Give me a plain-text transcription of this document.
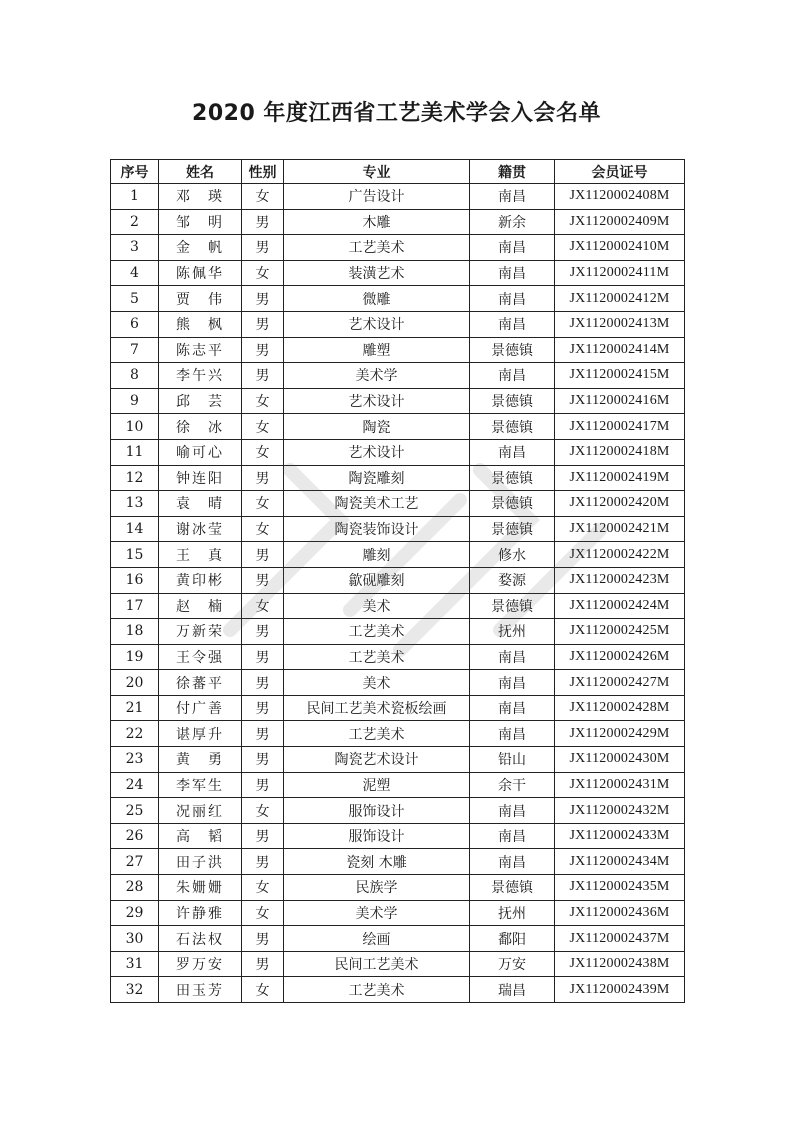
2020 年度江西省工艺美术学会入会名单
序号	姓名	性别	专业	籍贯	会员证号
1	邓　瑛	女	广告设计	南昌	JX1120002408M
2	邹　明	男	木雕	新余	JX1120002409M
3	金　帆	男	工艺美术	南昌	JX1120002410M
4	陈佩华	女	装潢艺术	南昌	JX1120002411M
5	贾　伟	男	微雕	南昌	JX1120002412M
6	熊　枫	男	艺术设计	南昌	JX1120002413M
7	陈志平	男	雕塑	景德镇	JX1120002414M
8	李午兴	男	美术学	南昌	JX1120002415M
9	邱　芸	女	艺术设计	景德镇	JX1120002416M
10	徐　冰	女	陶瓷	景德镇	JX1120002417M
11	喻可心	女	艺术设计	南昌	JX1120002418M
12	钟连阳	男	陶瓷雕刻	景德镇	JX1120002419M
13	袁　晴	女	陶瓷美术工艺	景德镇	JX1120002420M
14	谢冰莹	女	陶瓷装饰设计	景德镇	JX1120002421M
15	王　真	男	雕刻	修水	JX1120002422M
16	黄印彬	男	歙砚雕刻	婺源	JX1120002423M
17	赵　楠	女	美术	景德镇	JX1120002424M
18	万新荣	男	工艺美术	抚州	JX1120002425M
19	王令强	男	工艺美术	南昌	JX1120002426M
20	徐蕃平	男	美术	南昌	JX1120002427M
21	付广善	男	民间工艺美术瓷板绘画	南昌	JX1120002428M
22	谌厚升	男	工艺美术	南昌	JX1120002429M
23	黄　勇	男	陶瓷艺术设计	铅山	JX1120002430M
24	李军生	男	泥塑	余干	JX1120002431M
25	况丽红	女	服饰设计	南昌	JX1120002432M
26	高　韬	男	服饰设计	南昌	JX1120002433M
27	田子洪	男	瓷刻 木雕	南昌	JX1120002434M
28	朱姗姗	女	民族学	景德镇	JX1120002435M
29	许静雅	女	美术学	抚州	JX1120002436M
30	石法权	男	绘画	鄱阳	JX1120002437M
31	罗万安	男	民间工艺美术	万安	JX1120002438M
32	田玉芳	女	工艺美术	瑞昌	JX1120002439M
